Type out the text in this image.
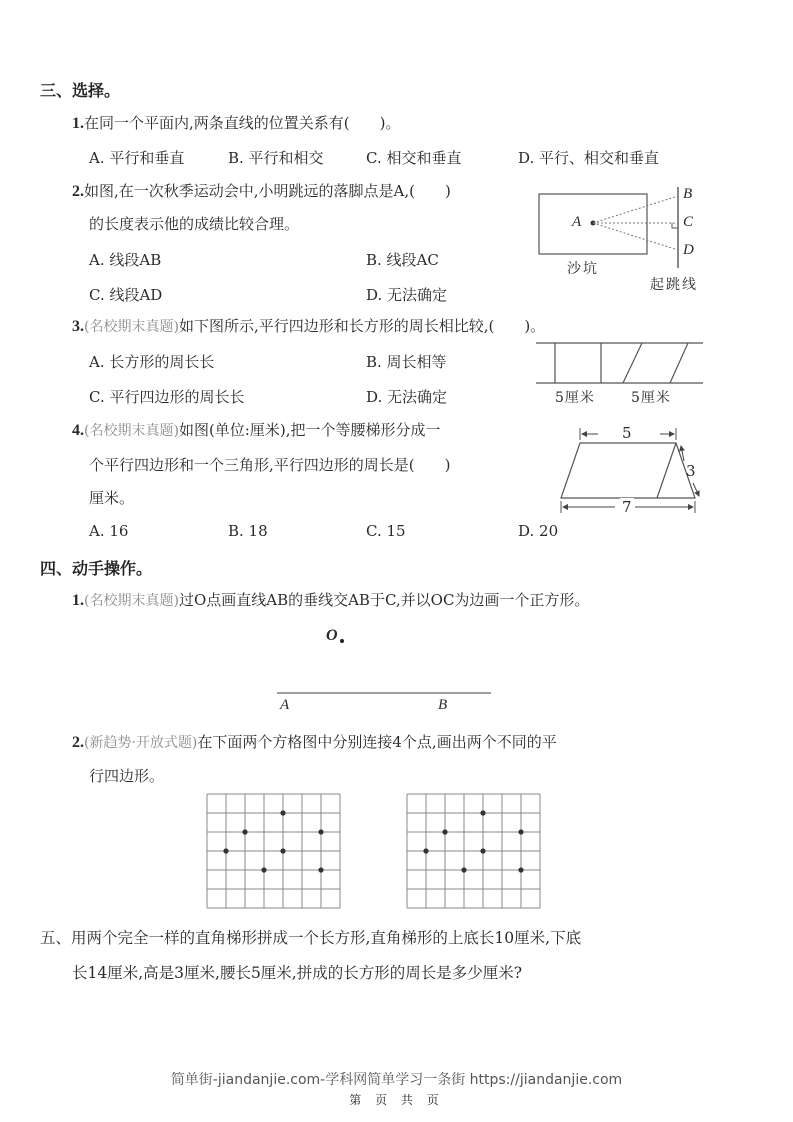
三、选择。
1.在同一个平面内,两条直线的位置关系有(　　)。
A. 平行和垂直	B. 平行和相交	C. 相交和垂直	D. 平行、相交和垂直
2.如图,在一次秋季运动会中,小明跳远的落脚点是A,(　　)
的长度表示他的成绩比较合理。
A. 线段AB	B. 线段AC
C. 线段AD	D. 无法确定
A
B
C
D
沙坑
起跳线
3.(名校期末真题)如下图所示,平行四边形和长方形的周长相比较,(　　)。
A. 长方形的周长长	B. 周长相等
C. 平行四边形的周长长	D. 无法确定	5厘米	5厘米
4.(名校期末真题)如图(单位:厘米),把一个等腰梯形分成一
个平行四边形和一个三角形,平行四边形的周长是(　　)
厘米。
A. 16	B. 18	C. 15	D. 20
5
3
7
四、动手操作。
1.(名校期末真题)过O点画直线AB的垂线交AB于C,并以OC为边画一个正方形。
O
A	B
2.(新趋势·开放式题)在下面两个方格图中分别连接4个点,画出两个不同的平
行四边形。
五、用两个完全一样的直角梯形拼成一个长方形,直角梯形的上底长10厘米,下底
长14厘米,高是3厘米,腰长5厘米,拼成的长方形的周长是多少厘米?
简单街-jiandanjie.com-学科网简单学习一条街 https://jiandanjie.com
第 页 共 页
